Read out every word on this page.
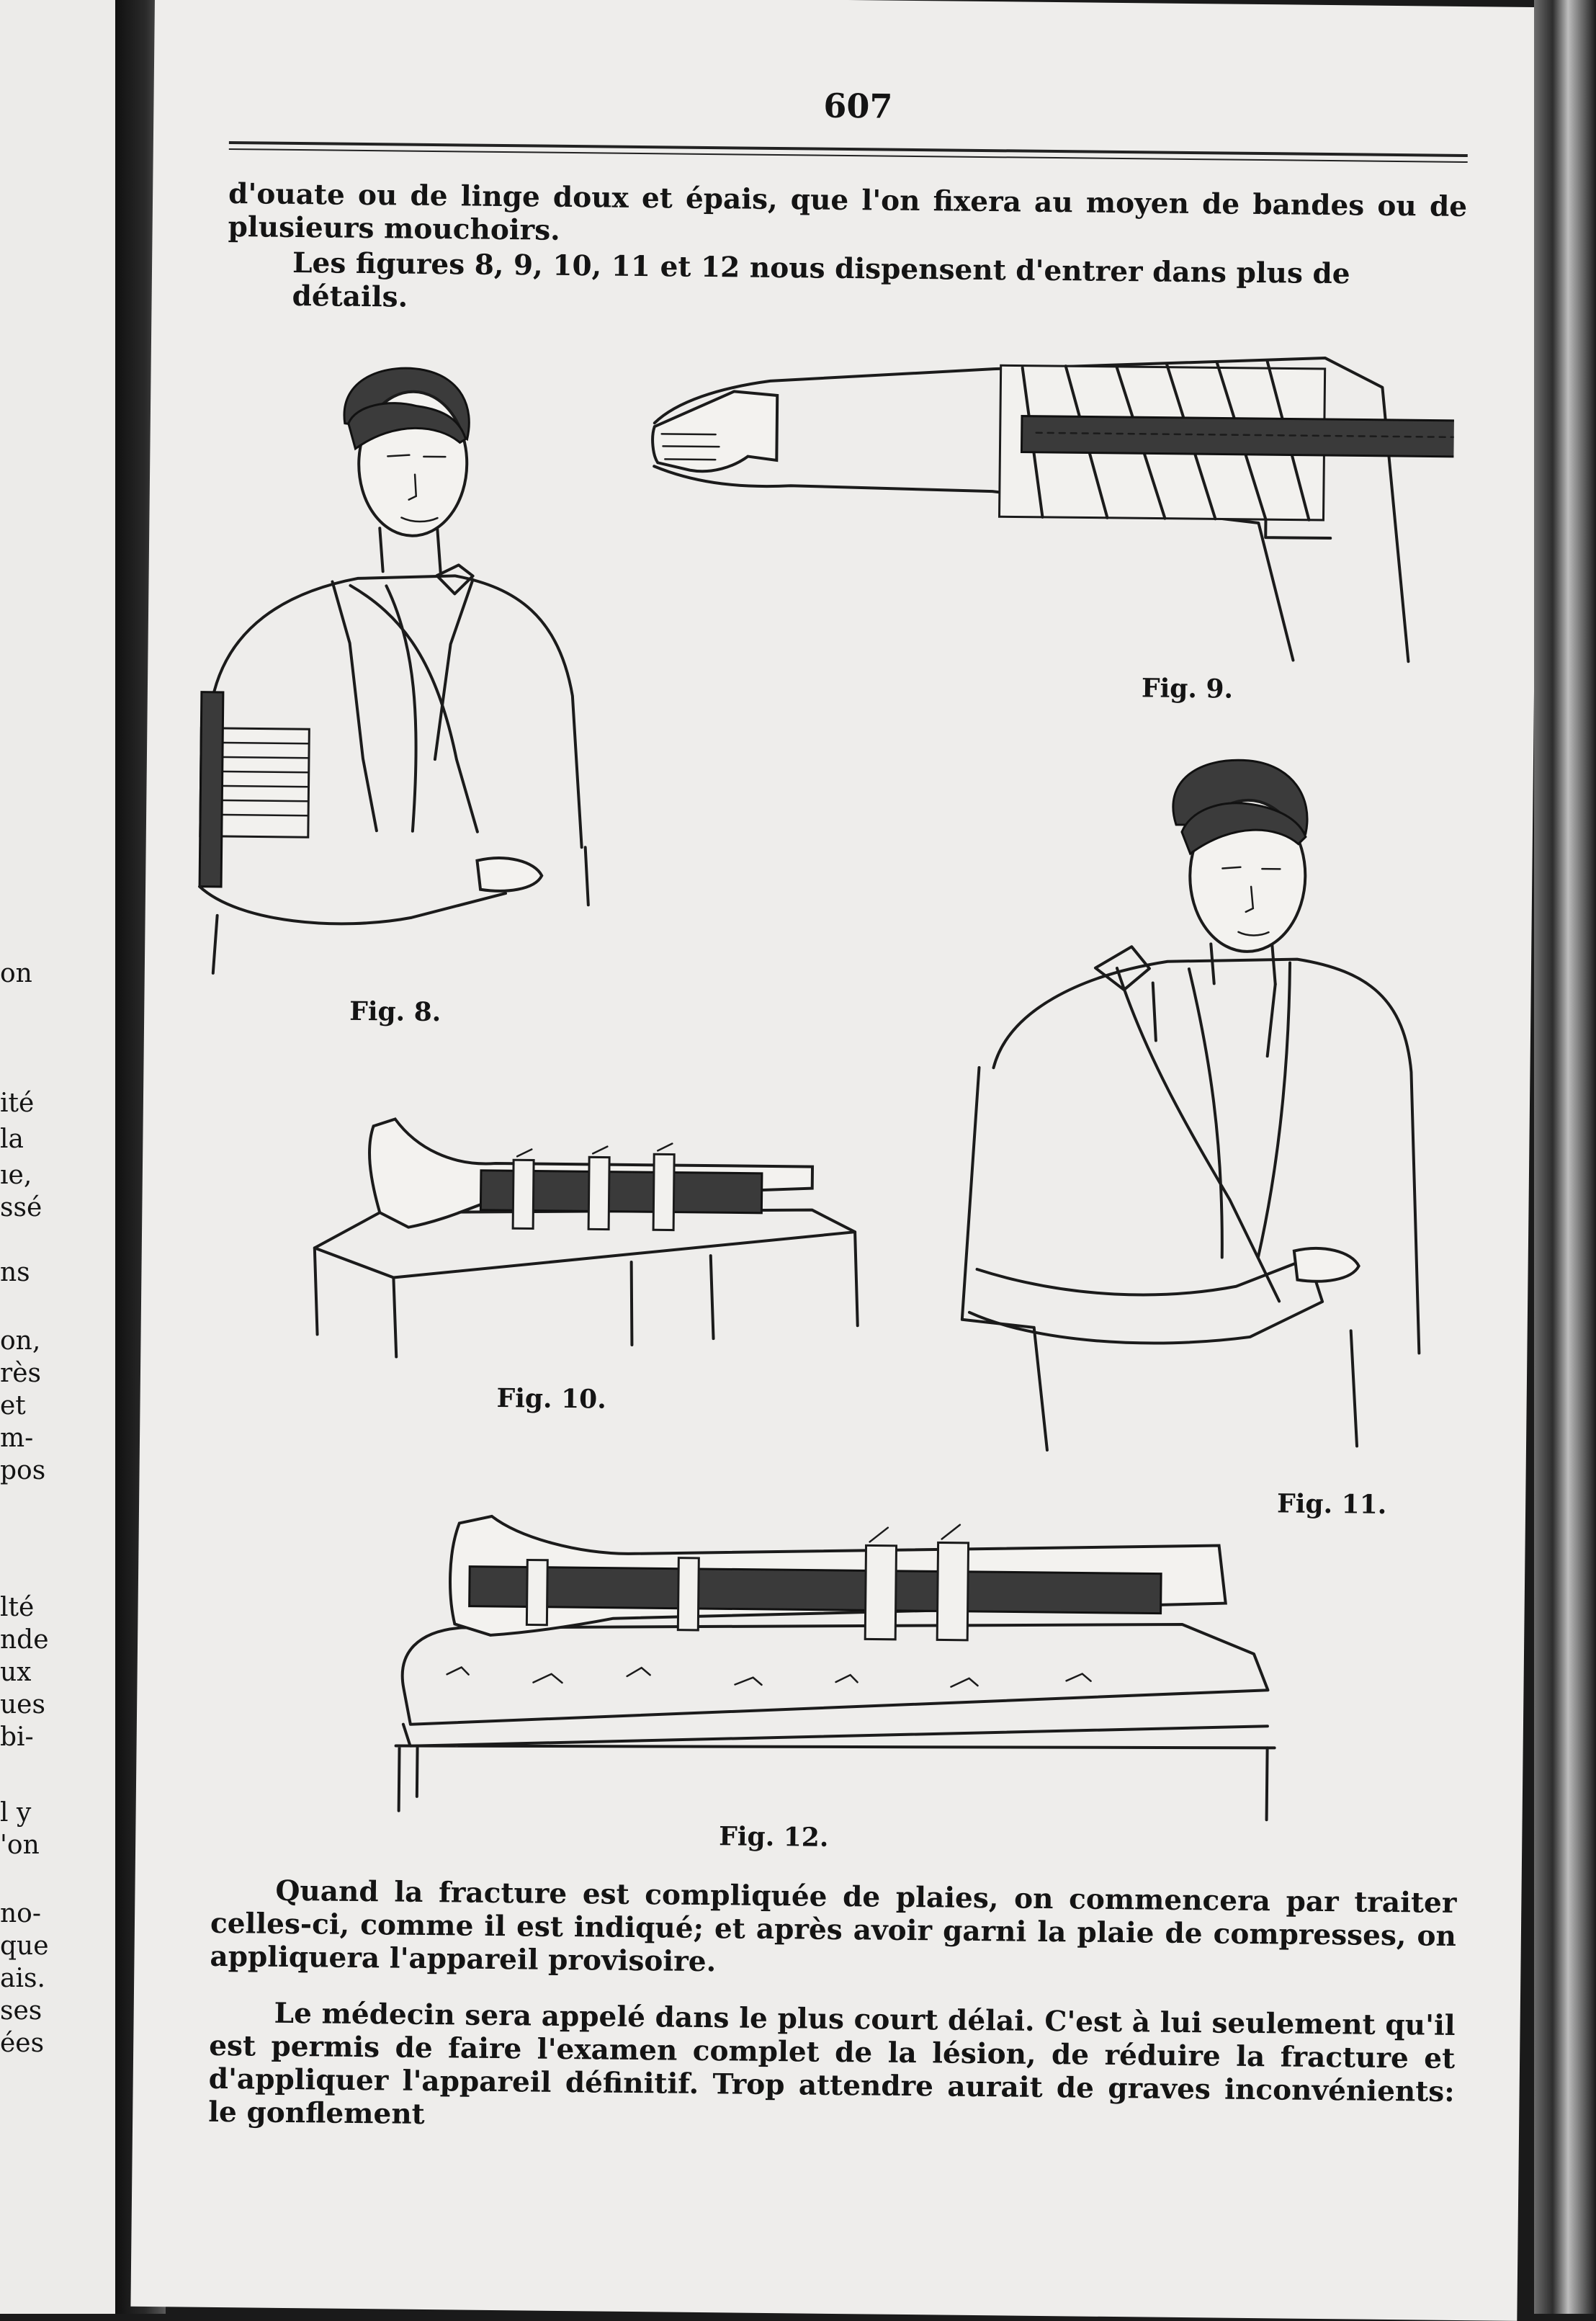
on
ité
la
ıe,
ssé
ns
on,
rès
et
m-
pos
lté
nde
ux
ues
bi-
l y
'on
no-
que
ais.
ses
ées
607

d'ouate ou de linge doux et épais, que l'on fixera au moyen de bandes ou de plusieurs mouchoirs.

Les figures 8, 9, 10, 11 et 12 nous dispensent d'entrer dans plus de détails.

Fig. 8.
Fig. 9.
Fig. 10.
Fig. 11.
Fig. 12.

Quand la fracture est compliquée de plaies, on commencera par traiter celles-ci, comme il est indiqué; et après avoir garni la plaie de compresses, on appliquera l'appareil provisoire.

Le médecin sera appelé dans le plus court délai. C'est à lui seulement qu'il est permis de faire l'examen complet de la lésion, de réduire la fracture et d'appliquer l'appareil définitif. Trop attendre aurait de graves inconvénients: le gonflement
